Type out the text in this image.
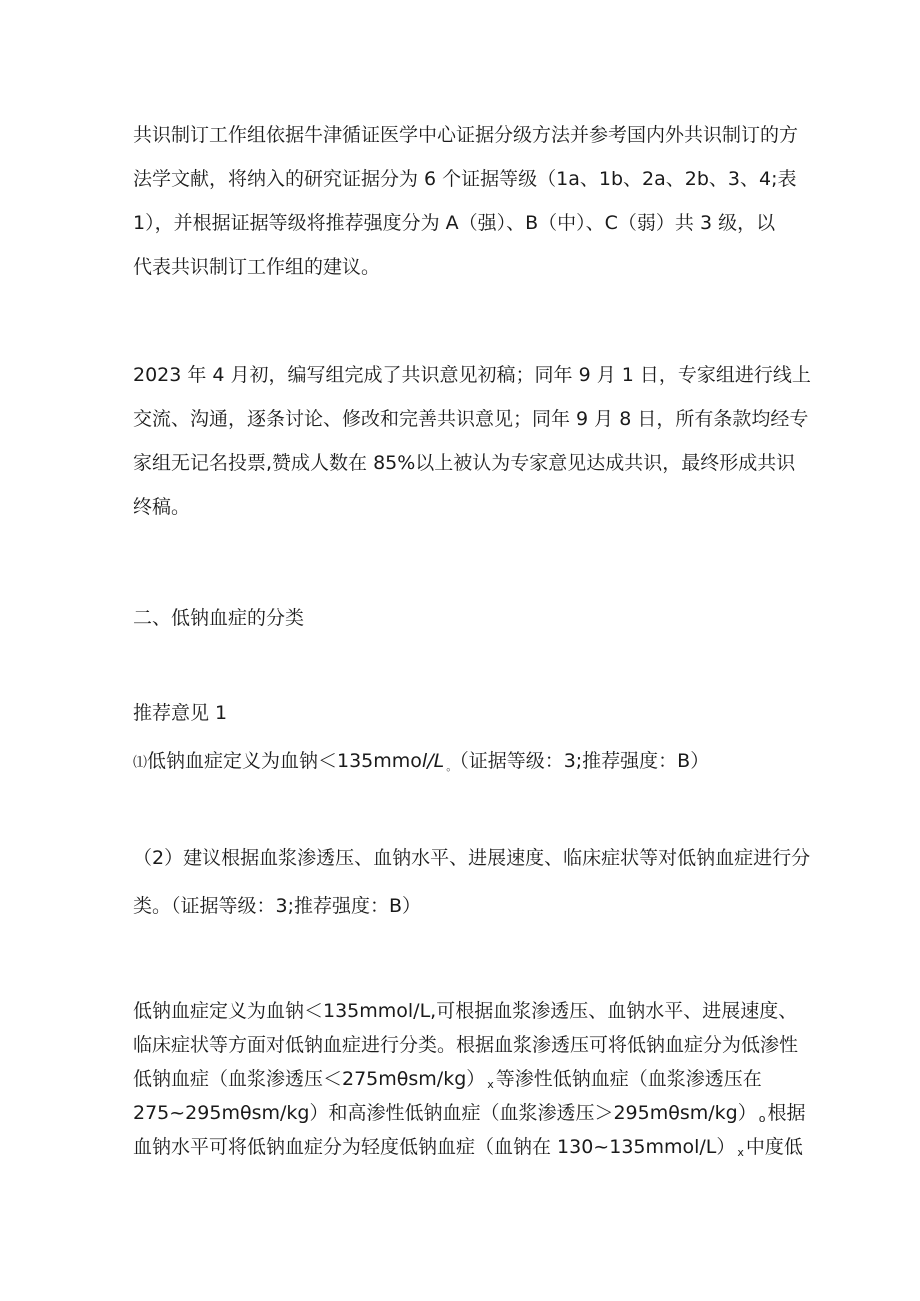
共识制订工作组依据牛津循证医学中心证据分级方法并参考国内外共识制订的方
法学文献，将纳入的研究证据分为 6 个证据等级（1a、1b、2a、2b、3、4;表
1），并根据证据等级将推荐强度分为 A（强）、B（中）、C（弱）共 3 级，以
代表共识制订工作组的建议。
2023 年 4 月初，编写组完成了共识意见初稿；同年 9 月 1 日，专家组进行线上
交流、沟通，逐条讨论、修改和完善共识意见；同年 9 月 8 日，所有条款均经专
家组无记名投票,赞成人数在 85%以上被认为专家意见达成共识，最终形成共识
终稿。
二、低钠血症的分类
推荐意见 1
⑴低钠血症定义为血钠＜135mmol/L 。 （证据等级：3;推荐强度：B）
（2）建议根据血浆渗透压、血钠水平、进展速度、临床症状等对低钠血症进行分
类。（证据等级：3;推荐强度：B）
低钠血症定义为血钠＜135mmol/L,可根据血浆渗透压、血钠水平、进展速度、
临床症状等方面对低钠血症进行分类。根据血浆渗透压可将低钠血症分为低渗性
低钠血症（血浆渗透压＜275mθsm/kg） x 等渗性低钠血症（血浆渗透压在
275~295mθsm/kg）和高渗性低钠血症（血浆渗透压＞295mθsm/kg） o 根据
血钠水平可将低钠血症分为轻度低钠血症（血钠在 130~135mmol/L） x 中度低
